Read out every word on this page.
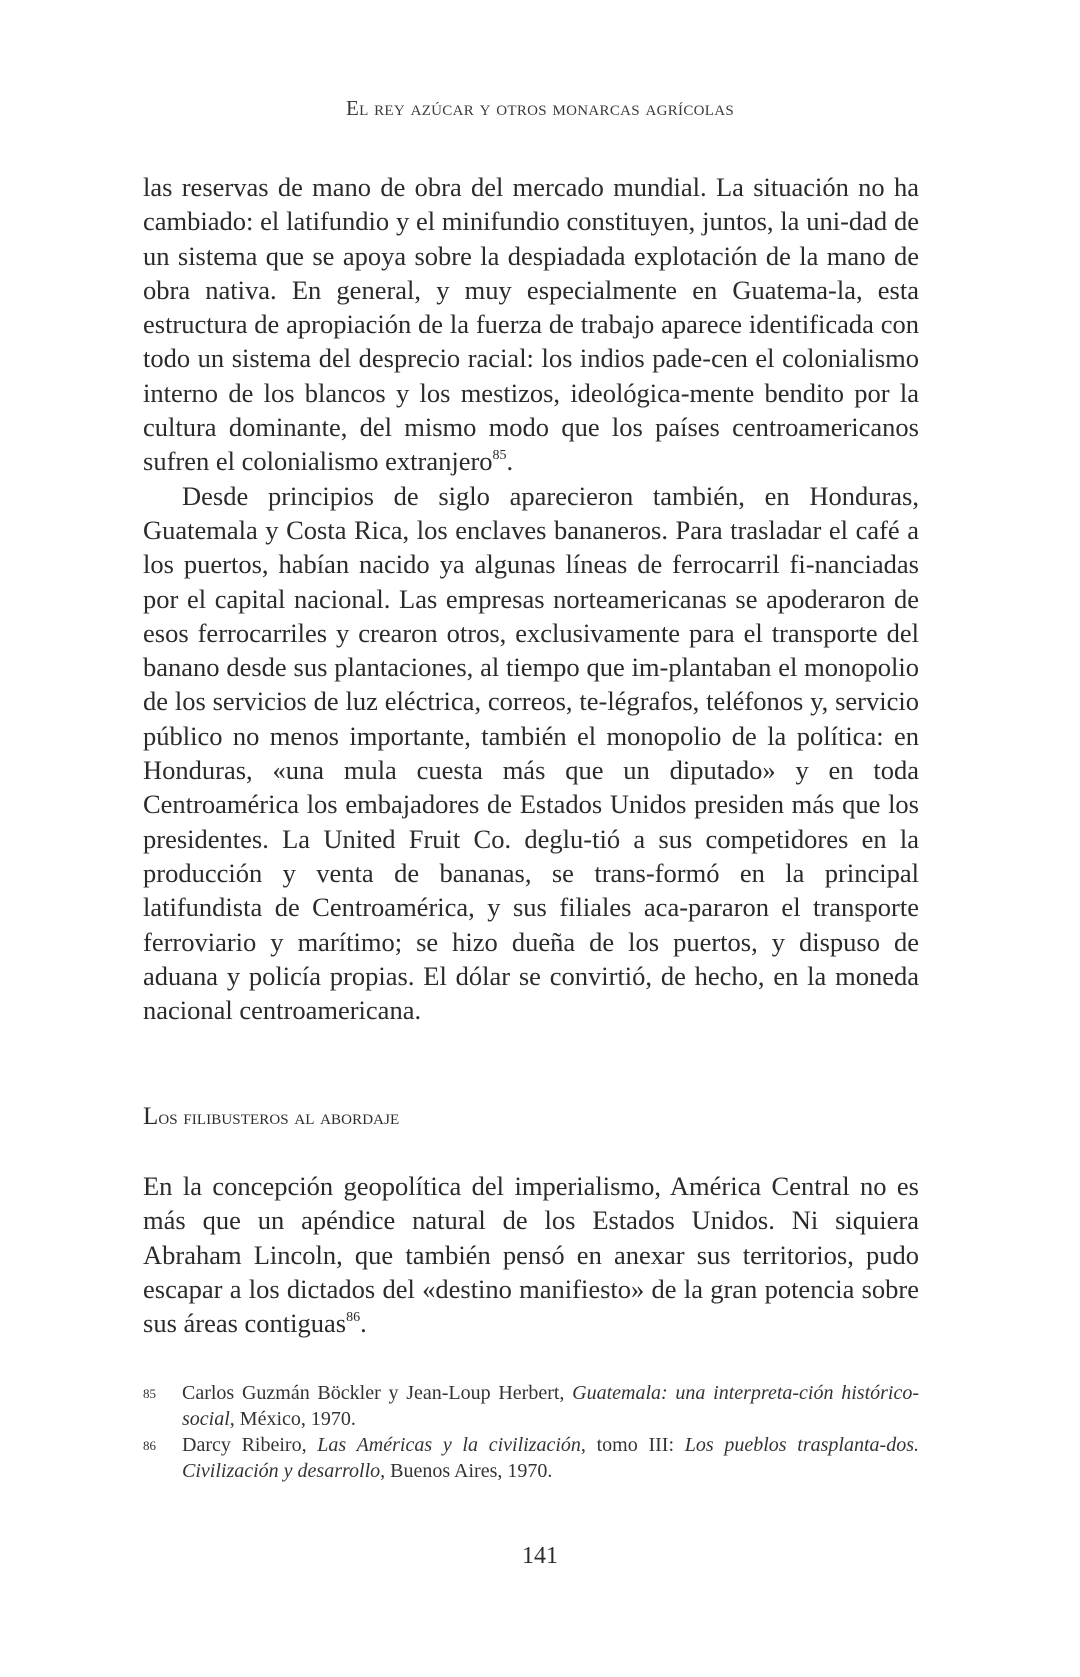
El rey azúcar y otros monarcas agrícolas

las reservas de mano de obra del mercado mundial. La situación no ha cambiado: el latifundio y el minifundio constituyen, juntos, la uni-dad de un sistema que se apoya sobre la despiadada explotación de la mano de obra nativa. En general, y muy especialmente en Guatema-la, esta estructura de apropiación de la fuerza de trabajo aparece identificada con todo un sistema del desprecio racial: los indios pade-cen el colonialismo interno de los blancos y los mestizos, ideológica-mente bendito por la cultura dominante, del mismo modo que los países centroamericanos sufren el colonialismo extranjero$^{85}$.

Desde principios de siglo aparecieron también, en Honduras, Guatemala y Costa Rica, los enclaves bananeros. Para trasladar el café a los puertos, habían nacido ya algunas líneas de ferrocarril fi-nanciadas por el capital nacional. Las empresas norteamericanas se apoderaron de esos ferrocarriles y crearon otros, exclusivamente para el transporte del banano desde sus plantaciones, al tiempo que im-plantaban el monopolio de los servicios de luz eléctrica, correos, te-légrafos, teléfonos y, servicio público no menos importante, también el monopolio de la política: en Honduras, «una mula cuesta más que un diputado» y en toda Centroamérica los embajadores de Estados Unidos presiden más que los presidentes. La United Fruit Co. deglu-tió a sus competidores en la producción y venta de bananas, se trans-formó en la principal latifundista de Centroamérica, y sus filiales aca-pararon el transporte ferroviario y marítimo; se hizo dueña de los puertos, y dispuso de aduana y policía propias. El dólar se convirtió, de hecho, en la moneda nacional centroamericana.

Los filibusteros al abordaje

En la concepción geopolítica del imperialismo, América Central no es más que un apéndice natural de los Estados Unidos. Ni siquiera Abraham Lincoln, que también pensó en anexar sus territorios, pudo escapar a los dictados del «destino manifiesto» de la gran potencia sobre sus áreas contiguas$^{86}$.

85 Carlos Guzmán Böckler y Jean-Loup Herbert, Guatemala: una interpreta-ción histórico-social, México, 1970.

86 Darcy Ribeiro, Las Américas y la civilización, tomo III: Los pueblos trasplanta-dos. Civilización y desarrollo, Buenos Aires, 1970.

141
